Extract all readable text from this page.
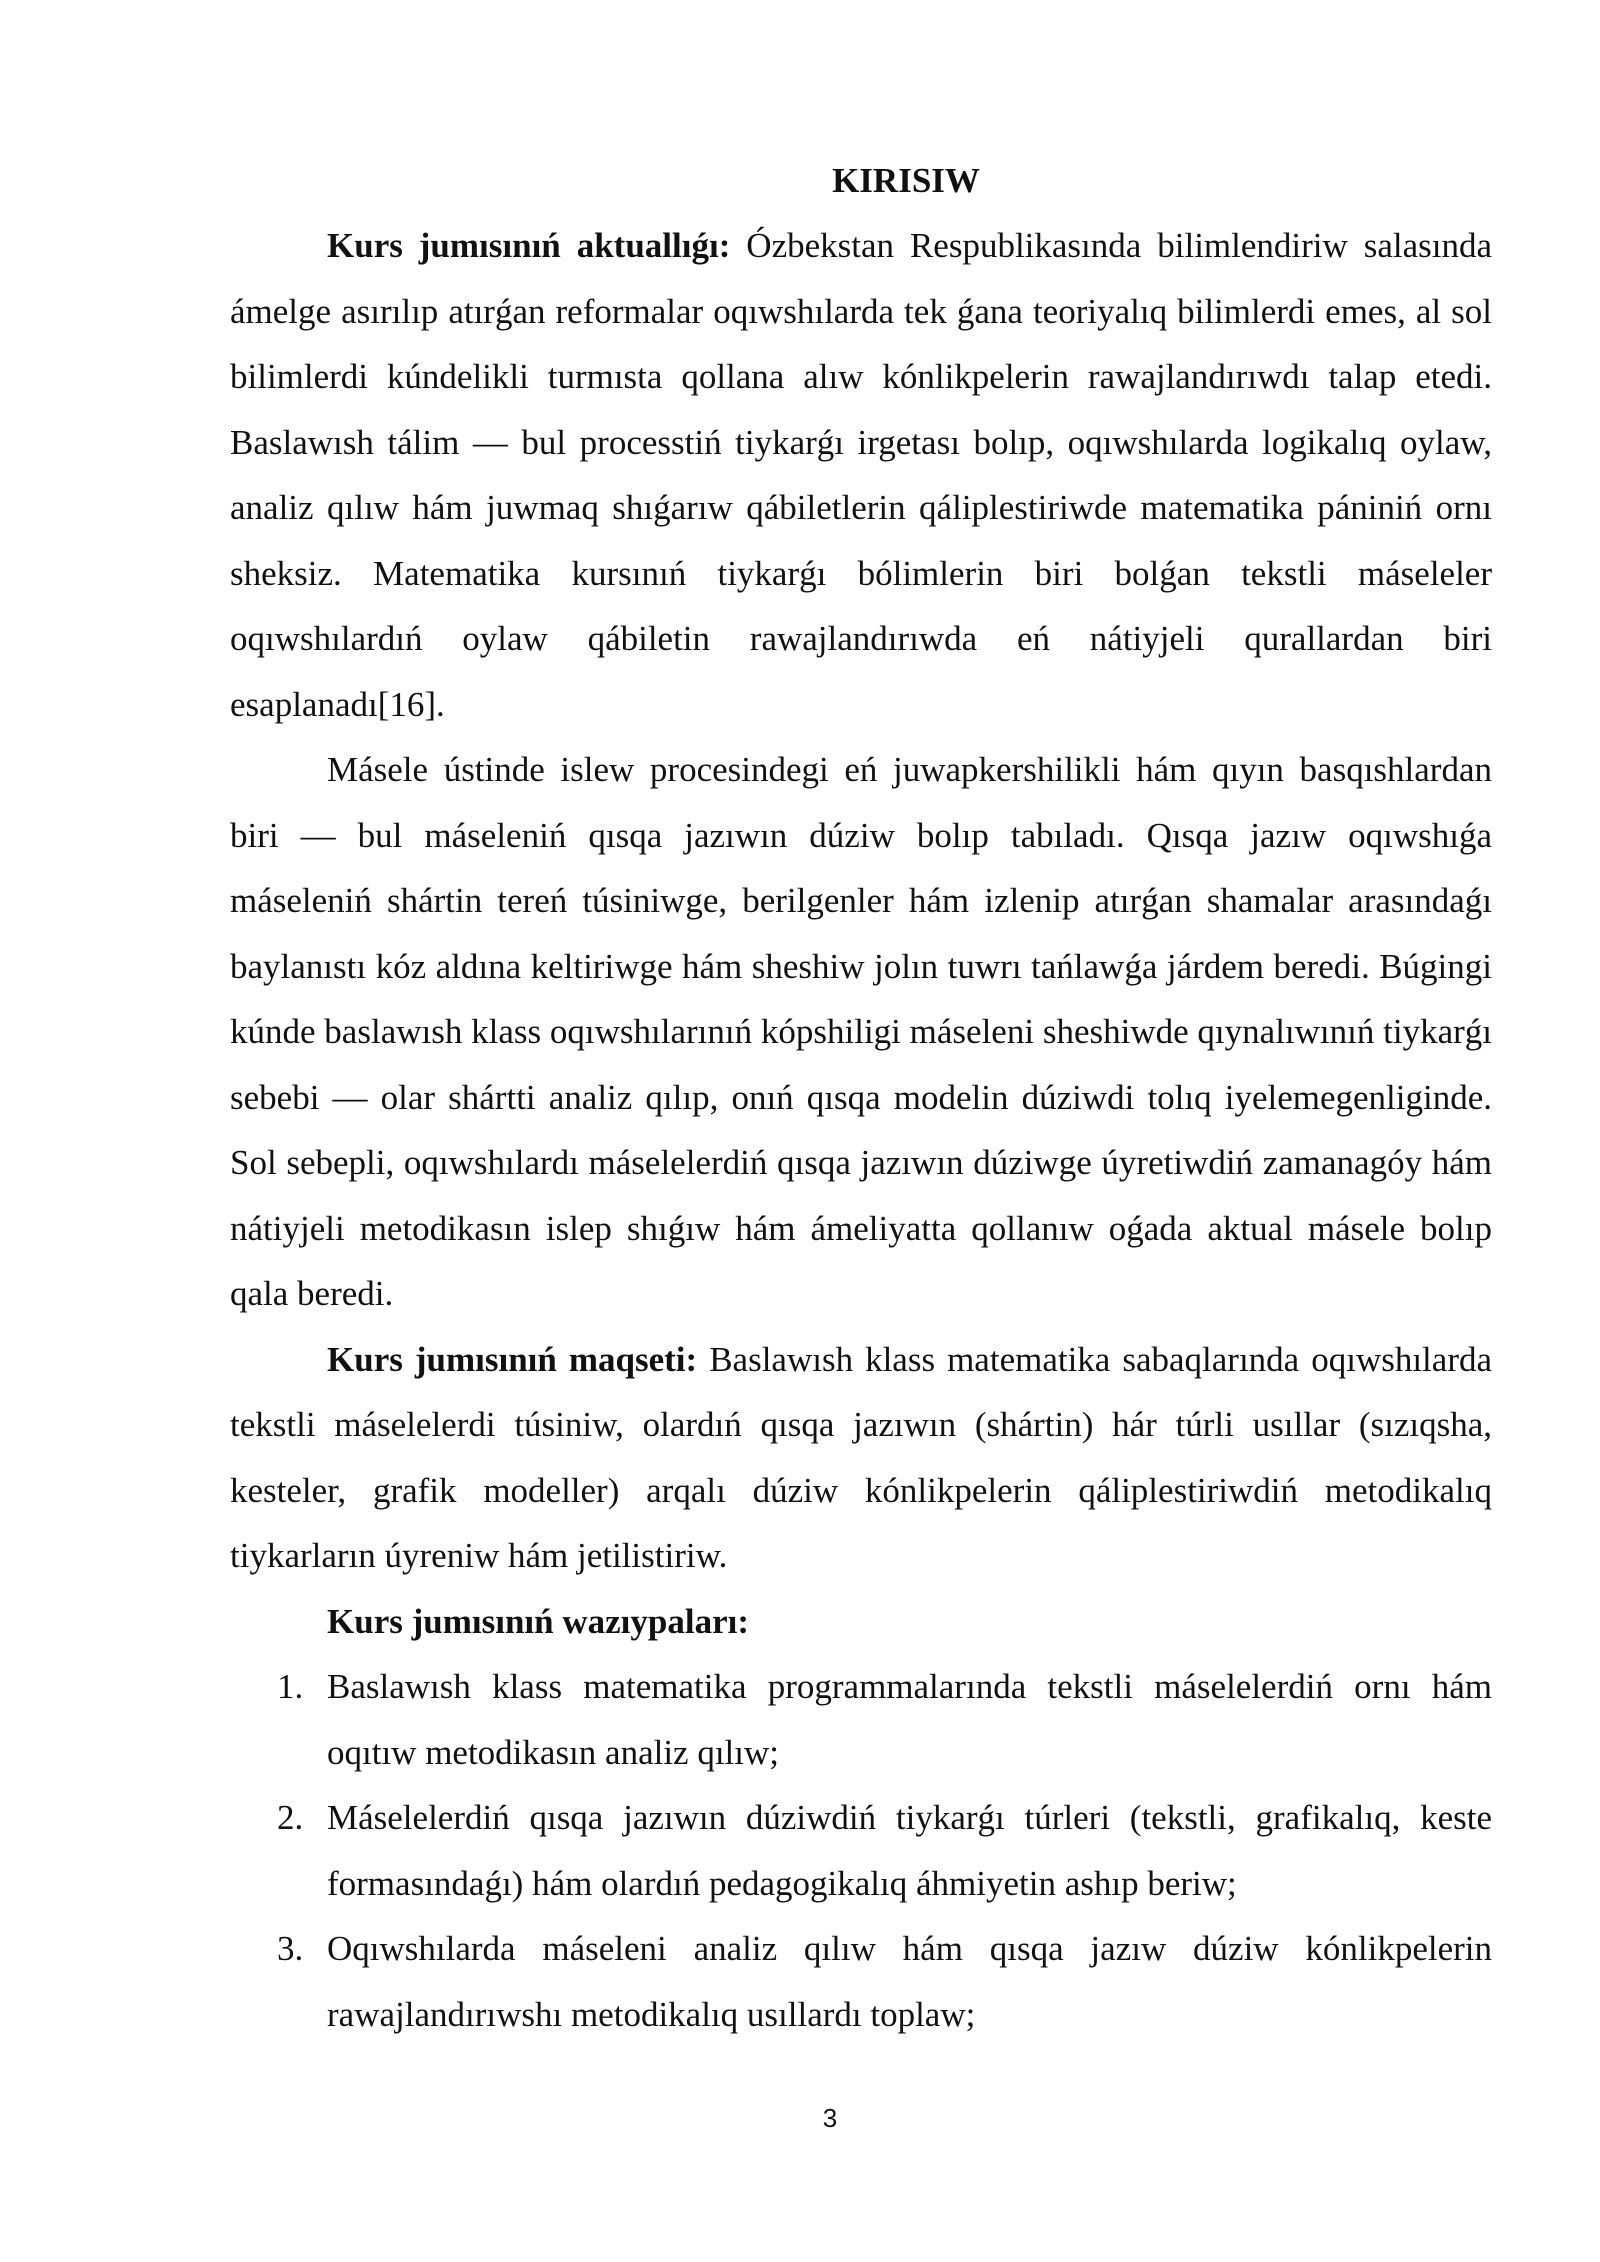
KIRISIW

Kurs jumısınıń aktuallıǵı: Ózbekstan Respublikasında bilimlendiriw salasında ámelge asırılıp atırǵan reformalar oqıwshılarda tek ǵana teoriyalıq bilimlerdi emes, al sol bilimlerdi kúndelikli turmısta qollana alıw kónlikpelerin rawajlandırıwdı talap etedi. Baslawısh tálim — bul processtiń tiykarǵı irgetası bolıp, oqıwshılarda logikalıq oylaw, analiz qılıw hám juwmaq shıǵarıw qábiletlerin qáliplestiriwde matematika pániniń ornı sheksiz. Matematika kursınıń tiykarǵı bólimlerin biri bolǵan tekstli máseleler oqıwshılardıń oylaw qábiletin rawajlandırıwda eń nátiyjeli qurallardan biri esaplanadı[16].

Másele ústinde islew procesindegi eń juwapkershilikli hám qıyın basqıshlardan biri — bul máseleniń qısqa jazıwın dúziw bolıp tabıladı. Qısqa jazıw oqıwshıǵa máseleniń shártin tereń túsiniwge, berilgenler hám izlenip atırǵan shamalar arasındaǵı baylanıstı kóz aldına keltiriwge hám sheshiw jolın tuwrı tańlawǵa járdem beredi. Búgingi kúnde baslawısh klass oqıwshılarınıń kópshiligi máseleni sheshiwde qıynalıwınıń tiykarǵı sebebi — olar shártti analiz qılıp, onıń qısqa modelin dúziwdi tolıq iyelemegenliginde. Sol sebepli, oqıwshılardı máselelerdiń qısqa jazıwın dúziwge úyretiwdiń zamanagóy hám nátiyjeli metodikasın islep shıǵıw hám ámeliyatta qollanıw oǵada aktual másele bolıp qala beredi.

Kurs jumısınıń maqseti: Baslawısh klass matematika sabaqlarında oqıwshılarda tekstli máselelerdi túsiniw, olardıń qısqa jazıwın (shártin) hár túrli usıllar (sızıqsha, kesteler, grafik modeller) arqalı dúziw kónlikpelerin qáliplestiriwdiń metodikalıq tiykarların úyreniw hám jetilistiriw.

Kurs jumısınıń wazıypaları:
1. Baslawısh klass matematika programmalarında tekstli máselelerdiń ornı hám oqıtıw metodikasın analiz qılıw;
2. Máselelerdiń qısqa jazıwın dúziwdiń tiykarǵı túrleri (tekstli, grafikalıq, keste formasındaǵı) hám olardıń pedagogikalıq áhmiyetin ashıp beriw;
3. Oqıwshılarda máseleni analiz qılıw hám qısqa jazıw dúziw kónlikpelerin rawajlandırıwshı metodikalıq usıllardı toplaw;
3
